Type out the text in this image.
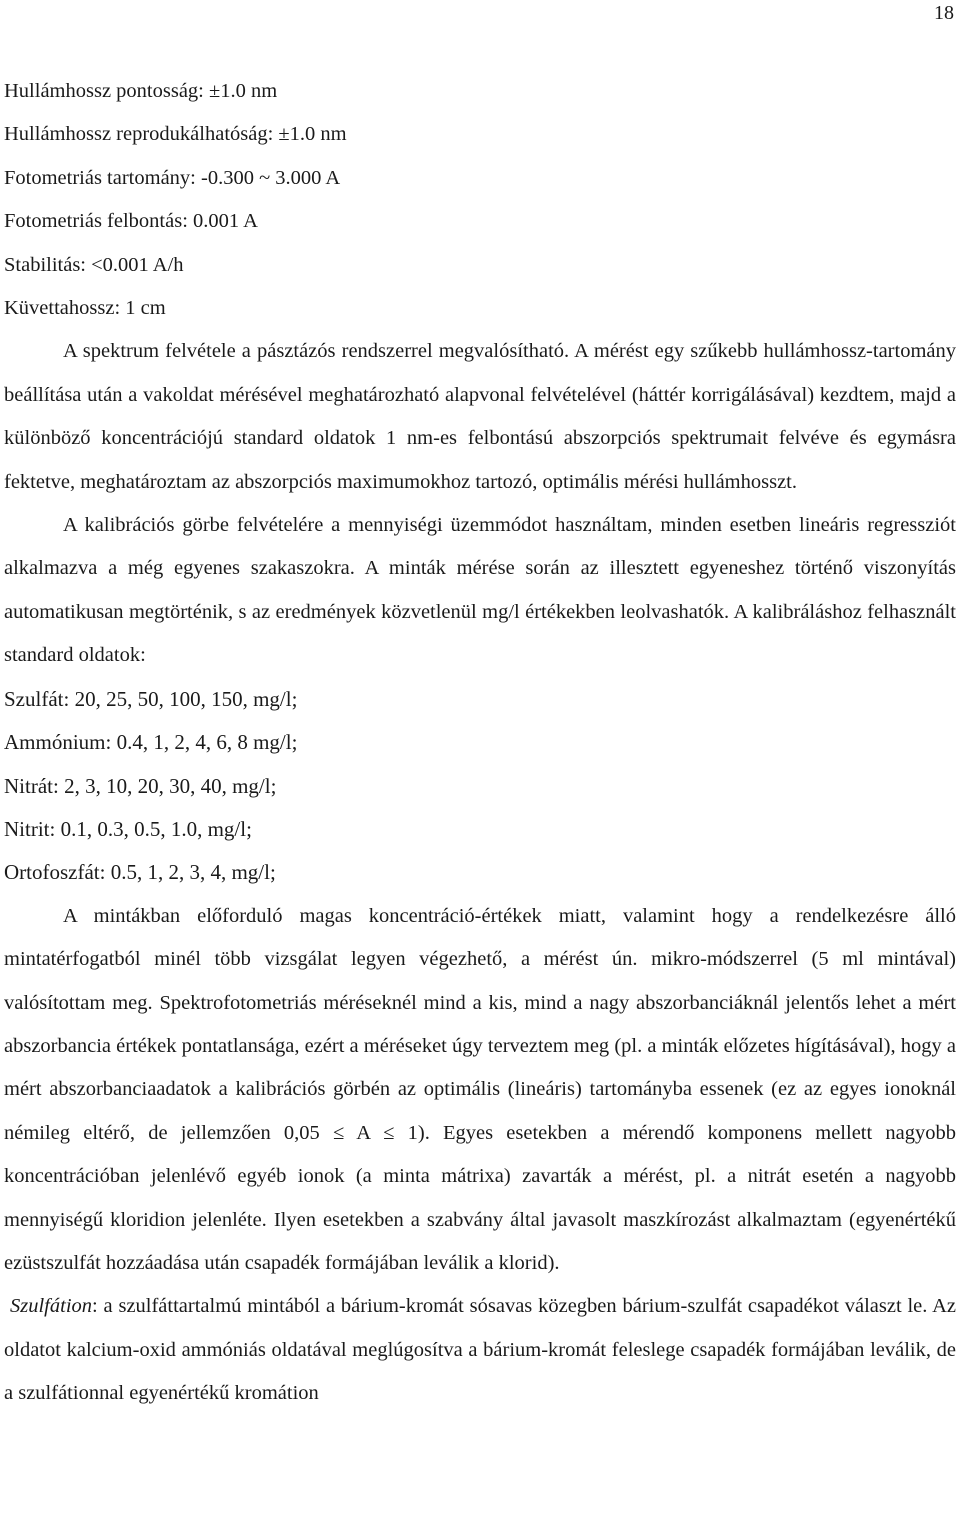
18

Hullámhossz pontosság: ±1.0 nm

Hullámhossz reprodukálhatóság: ±1.0 nm

Fotometriás tartomány: -0.300 ~ 3.000 A

Fotometriás felbontás: 0.001 A

Stabilitás: <0.001 A/h

Küvettahossz: 1 cm

A spektrum felvétele a pásztázós rendszerrel megvalósítható. A mérést egy szűkebb hullámhossz-tartomány beállítása után a vakoldat mérésével meghatározható alapvonal felvételével (háttér korrigálásával) kezdtem, majd a különböző koncentrációjú standard oldatok 1 nm-es felbontású abszorpciós spektrumait felvéve és egymásra fektetve, meghatároztam az abszorpciós maximumokhoz tartozó, optimális mérési hullámhosszt.

A kalibrációs görbe felvételére a mennyiségi üzemmódot használtam, minden esetben lineáris regressziót alkalmazva a még egyenes szakaszokra. A minták mérése során az illesztett egyeneshez történő viszonyítás automatikusan megtörténik, s az eredmények közvetlenül mg/l értékekben leolvashatók. A kalibráláshoz felhasznált standard oldatok:

Szulfát: 20, 25, 50, 100, 150, mg/l;

Ammónium: 0.4, 1, 2, 4, 6, 8 mg/l;

Nitrát: 2, 3, 10, 20, 30, 40, mg/l;

Nitrit: 0.1, 0.3, 0.5, 1.0, mg/l;

Ortofoszfát: 0.5, 1, 2, 3, 4, mg/l;

A mintákban előforduló magas koncentráció-értékek miatt, valamint hogy a rendelkezésre álló mintatérfogatból minél több vizsgálat legyen végezhető, a mérést ún. mikro-módszerrel (5 ml mintával) valósítottam meg. Spektrofotometriás méréseknél mind a kis, mind a nagy abszorbanciáknál jelentős lehet a mért abszorbancia értékek pontatlansága, ezért a méréseket úgy terveztem meg (pl. a minták előzetes hígításával), hogy a mért abszorbanciaadatok a kalibrációs görbén az optimális (lineáris) tartományba essenek (ez az egyes ionoknál némileg eltérő, de jellemzően 0,05 ≤ A ≤ 1). Egyes esetekben a mérendő komponens mellett nagyobb koncentrációban jelenlévő egyéb ionok (a minta mátrixa) zavarták a mérést, pl. a nitrát esetén a nagyobb mennyiségű kloridion jelenléte. Ilyen esetekben a szabvány által javasolt maszkírozást alkalmaztam (egyenértékű ezüstszulfát hozzáadása után csapadék formájában leválik a klorid).

Szulfátion: a szulfáttartalmú mintából a bárium-kromát sósavas közegben bárium-szulfát csapadékot választ le. Az oldatot kalcium-oxid ammóniás oldatával meglúgosítva a bárium-kromát feleslege csapadék formájában leválik, de a szulfátionnal egyenértékű kromátion
